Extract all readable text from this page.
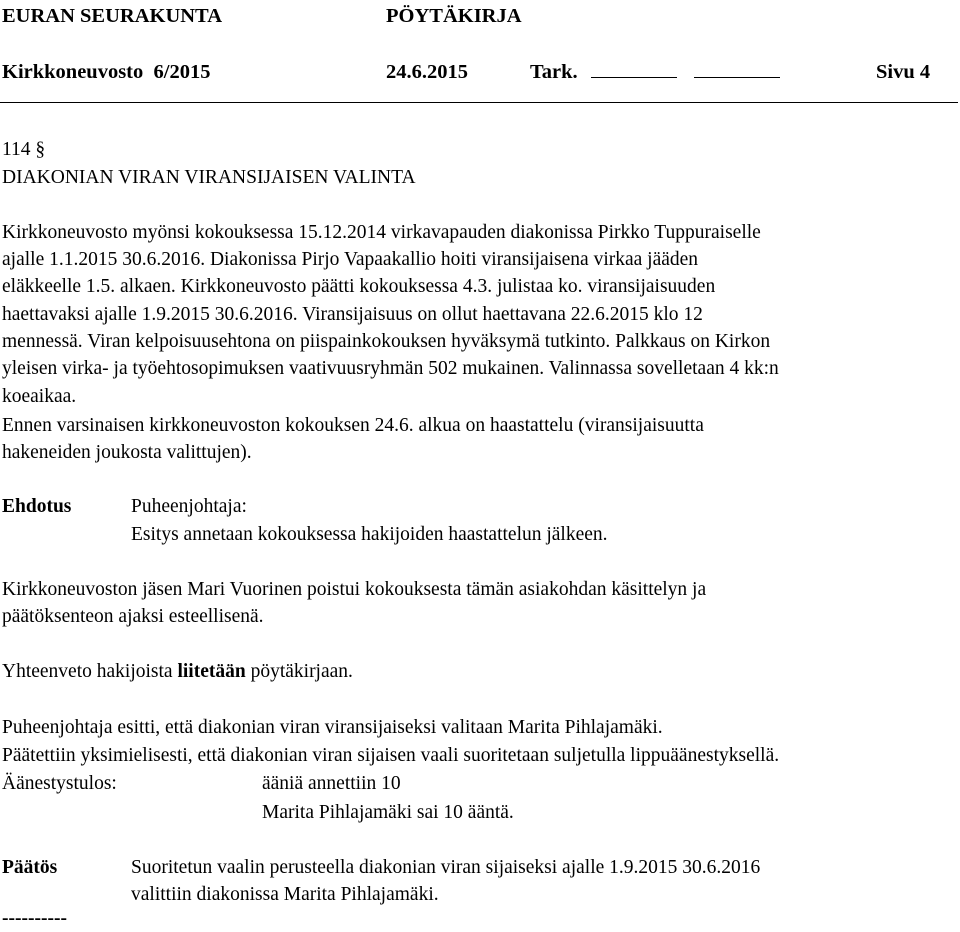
EURAN SEURAKUNTA	PÖYTÄKIRJA
Kirkkoneuvosto  6/2015	24.6.2015	Tark.	Sivu 4
114 §
DIAKONIAN VIRAN VIRANSIJAISEN VALINTA
Kirkkoneuvosto myönsi kokouksessa 15.12.2014 virkavapauden diakonissa Pirkko Tuppuraiselle
ajalle 1.1.2015 30.6.2016. Diakonissa Pirjo Vapaakallio hoiti viransijaisena virkaa jääden
eläkkeelle 1.5. alkaen. Kirkkoneuvosto päätti kokouksessa 4.3. julistaa ko. viransijaisuuden
haettavaksi ajalle 1.9.2015 30.6.2016. Viransijaisuus on ollut haettavana 22.6.2015 klo 12
mennessä. Viran kelpoisuusehtona on piispainkokouksen hyväksymä tutkinto. Palkkaus on Kirkon
yleisen virka- ja työehtosopimuksen vaativuusryhmän 502 mukainen. Valinnassa sovelletaan 4 kk:n
koeaikaa.
Ennen varsinaisen kirkkoneuvoston kokouksen 24.6. alkua on haastattelu (viransijaisuutta
hakeneiden joukosta valittujen).
Ehdotus	Puheenjohtaja:
Esitys annetaan kokouksessa hakijoiden haastattelun jälkeen.
Kirkkoneuvoston jäsen Mari Vuorinen poistui kokouksesta tämän asiakohdan käsittelyn ja
päätöksenteon ajaksi esteellisenä.
Yhteenveto hakijoista liitetään pöytäkirjaan.
Puheenjohtaja esitti, että diakonian viran viransijaiseksi valitaan Marita Pihlajamäki.
Päätettiin yksimielisesti, että diakonian viran sijaisen vaali suoritetaan suljetulla lippuäänestyksellä.
Äänestystulos:	ääniä annettiin 10
Marita Pihlajamäki sai 10 ääntä.
Päätös	Suoritetun vaalin perusteella diakonian viran sijaiseksi ajalle 1.9.2015 30.6.2016
valittiin diakonissa Marita Pihlajamäki.
----------
